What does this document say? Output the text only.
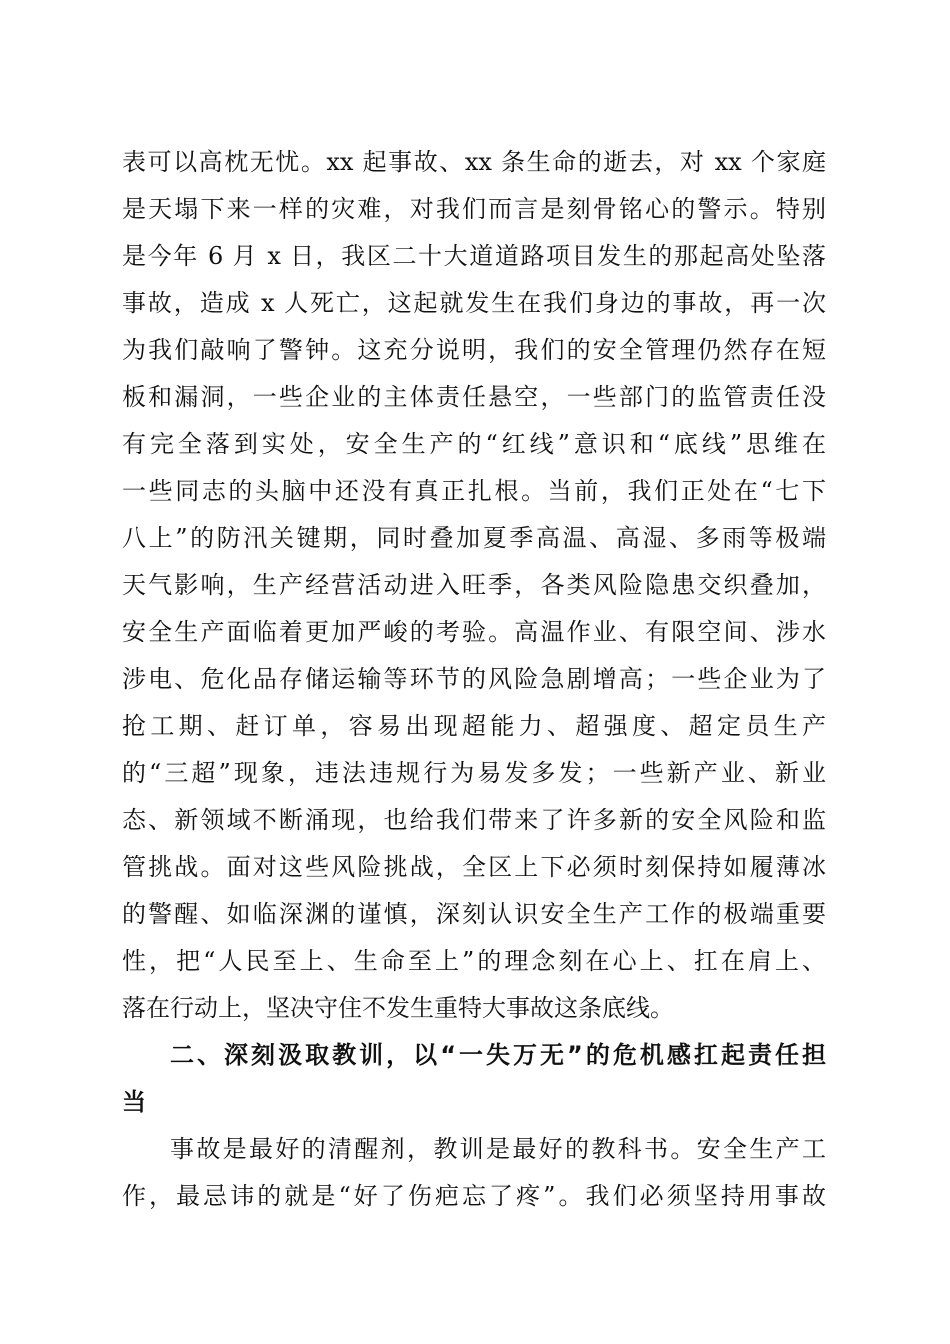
表可以高枕无忧。xx 起事故、xx 条生命的逝去，对 xx 个家庭
是天塌下来一样的灾难，对我们而言是刻骨铭心的警示。特别
是今年 6 月 x 日，我区二十大道道路项目发生的那起高处坠落
事故，造成 x 人死亡，这起就发生在我们身边的事故，再一次
为我们敲响了警钟。这充分说明，我们的安全管理仍然存在短
板和漏洞，一些企业的主体责任悬空，一些部门的监管责任没
有完全落到实处，安全生产的“红线”意识和“底线”思维在
一些同志的头脑中还没有真正扎根。当前，我们正处在“七下
八上”的防汛关键期，同时叠加夏季高温、高湿、多雨等极端
天气影响，生产经营活动进入旺季，各类风险隐患交织叠加，
安全生产面临着更加严峻的考验。高温作业、有限空间、涉水
涉电、危化品存储运输等环节的风险急剧增高；一些企业为了
抢工期、赶订单，容易出现超能力、超强度、超定员生产
的“三超”现象，违法违规行为易发多发；一些新产业、新业
态、新领域不断涌现，也给我们带来了许多新的安全风险和监
管挑战。面对这些风险挑战，全区上下必须时刻保持如履薄冰
的警醒、如临深渊的谨慎，深刻认识安全生产工作的极端重要
性，把“人民至上、生命至上”的理念刻在心上、扛在肩上、
落在行动上，坚决守住不发生重特大事故这条底线。
二、深刻汲取教训，以“一失万无”的危机感扛起责任担
当
事故是最好的清醒剂，教训是最好的教科书。安全生产工
作，最忌讳的就是“好了伤疤忘了疼”。我们必须坚持用事故
